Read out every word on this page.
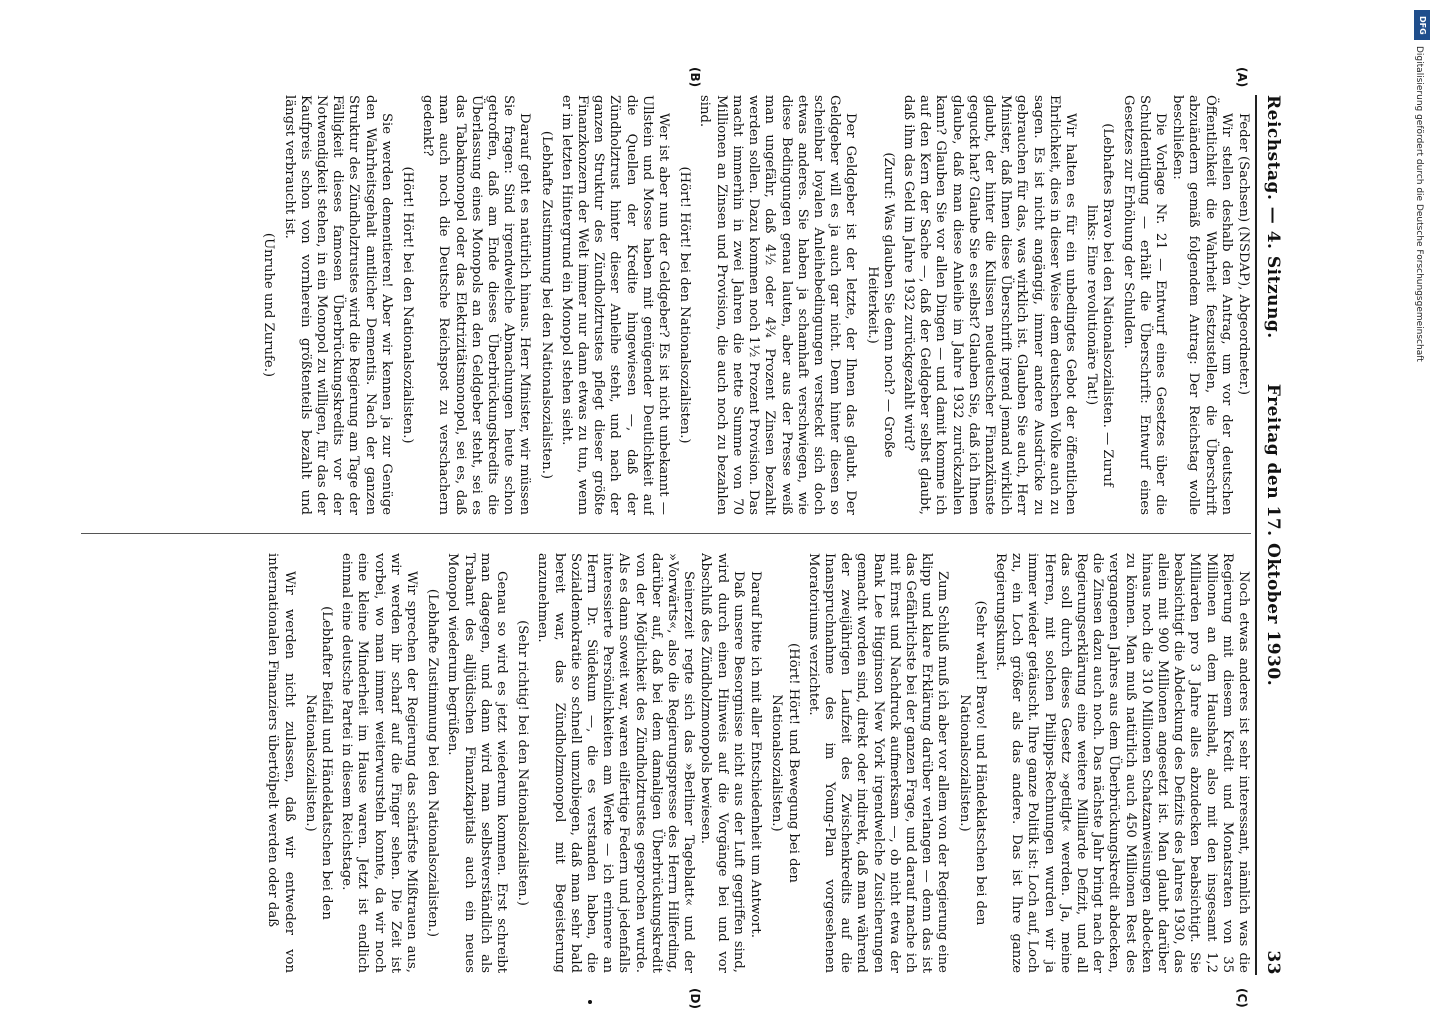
Reichstag. — 4. Sitzung.
Freitag den 17. Oktober 1930.
33
(A)
(B)
(C)
(D)

Feder (Sachsen) (NSDAP), Abgeordneter.)

Wir stellen deshalb den Antrag, um vor der deutschen Öffentlichkeit die Wahrheit festzustellen, die Überschrift abzuändern gemäß folgendem Antrag: Der Reichstag wolle beschließen:

Die Vorlage Nr. 21 — Entwurf eines Gesetzes über die Schuldentilgung — erhält die Überschrift: Entwurf eines Gesetzes zur Erhöhung der Schulden.

(Lebhaftes Bravo bei den Nationalsozialisten. — Zuruf links: Eine revolutionäre Tat!)

Wir halten es für ein unbedingtes Gebot der öffentlichen Ehrlichkeit, dies in dieser Weise dem deutschen Volke auch zu sagen. Es ist nicht angängig, immer andere Ausdrücke zu gebrauchen für das, was wirklich ist. Glauben Sie auch, Herr Minister, daß Ihnen diese Überschrift irgend jemand wirklich glaubt, der hinter die Kulissen neudeutscher Finanzkünste geguckt hat? Glaube Sie es selbst? Glauben Sie, daß ich Ihnen glaube, daß man diese Anleihe im Jahre 1932 zurückzahlen kann? Glauben Sie vor allen Dingen — und damit komme ich auf den Kern der Sache —, daß der Geldgeber selbst glaubt, daß ihm das Geld im Jahre 1932 zurückgezahlt wird?

(Zuruf: Was glauben Sie denn noch? — Große Heiterkeit.)

Der Geldgeber ist der letzte, der Ihnen das glaubt. Der Geldgeber will es ja auch gar nicht. Denn hinter diesen so scheinbar loyalen Anleihebedingungen versteckt sich doch etwas anderes. Sie haben ja schamhaft verschwiegen, wie diese Bedingungen genau lauten, aber aus der Presse weiß man ungefähr, daß 4½ oder 4¾ Prozent Zinsen bezahlt werden sollen. Dazu kommen noch 1½ Prozent Provision. Das macht immerhin in zwei Jahren die nette Summe von 70 Millionen an Zinsen und Provision, die auch noch zu bezahlen sind.

(Hört! Hört! bei den Nationalsozialisten.)

Wer ist aber nun der Geldgeber? Es ist nicht unbekannt — Ullstein und Mosse haben mit genügender Deutlichkeit auf die Quellen der Kredite hingewiesen —, daß der Zündholztrust hinter dieser Anleihe steht, und nach der ganzen Struktur des Zündholztrustes pflegt dieser größte Finanzkonzern der Welt immer nur dann etwas zu tun, wenn er im letzten Hintergrund ein Monopol stehen sieht.

(Lebhafte Zustimmung bei den Nationalsozialisten.)

Darauf geht es natürlich hinaus. Herr Minister, wir müssen Sie fragen: Sind irgendwelche Abmachungen heute schon getroffen, daß am Ende dieses Überbrückungskredits die Überlassung eines Monopols an den Geldgeber steht, sei es das Tabakmonopol oder das Elektrizitätsmonopol, sei es, daß man auch noch die Deutsche Reichspost zu verschachern gedenkt?

(Hört! Hört! bei den Nationalsozialisten.)

Sie werden dementieren! Aber wir kennen ja zur Genüge den Wahrheitsgehalt amtlicher Dementis. Nach der ganzen Struktur des Zündholztrustes wird die Regierung am Tage der Fälligkeit dieses famosen Überbrückungskredits vor der Notwendigkeit stehen, in ein Monopol zu willigen, für das der Kaufpreis schon von vornherein größtenteils bezahlt und längst verbraucht ist.

(Unruhe und Zurufe.)

Noch etwas anderes ist sehr interessant, nämlich was die Regierung mit diesem Kredit und Monatsraten von 35 Millionen an dem Haushalt, also mit den insgesamt 1,2 Milliarden pro 3 Jahre alles abzudecken beabsichtigt. Sie beabsichtigt die Abdeckung des Defizits des Jahres 1930, das allein mit 900 Millionen angesetzt ist. Man glaubt darüber hinaus noch die 310 Millionen Schatzanweisungen abdecken zu können. Man muß natürlich auch 450 Millionen Rest des vergangenen Jahres aus dem Überbrückungskredit abdecken, die Zinsen dazu auch noch. Das nächste Jahr bringt nach der Regierungserklärung eine weitere Milliarde Defizit, und all das soll durch dieses Gesetz »getilgt« werden. Ja, meine Herren, mit solchen Philipps-Rechnungen wurden wir ja immer wieder getäuscht. Ihre ganze Politik ist: Loch auf, Loch zu, ein Loch größer als das andere. Das ist Ihre ganze Regierungskunst.

(Sehr wahr! Bravo! und Händeklatschen bei den Nationalsozialisten.)

Zum Schluß muß ich aber vor allem von der Regierung eine klipp und klare Erklärung darüber verlangen — denn das ist das Gefährlichste bei der ganzen Frage, und darauf mache ich mit Ernst und Nachdruck aufmerksam —, ob nicht etwa der Bank Lee Higginson New York irgendwelche Zusicherungen gemacht worden sind, direkt oder indirekt, daß man während der zweijährigen Laufzeit des Zwischenkredits auf die Inanspruchnahme des im Young-Plan vorgesehenen Moratoriums verzichtet.

(Hört! Hört! und Bewegung bei den Nationalsozialisten.)

Darauf bitte ich mit aller Entschiedenheit um Antwort.

Daß unsere Besorgnisse nicht aus der Luft gegriffen sind, wird durch einen Hinweis auf die Vorgänge bei und vor Abschluß des Zündholzmonopols bewiesen.

Seinerzeit regte sich das »Berliner Tageblatt« und der »Vorwärts«, also die Regierungspresse des Herrn Hilferding, darüber auf, daß bei dem damaligen Überbrückungskredit von der Möglichkeit des Zündholztrustes gesprochen wurde. Als es dann soweit war, waren eilfertige Federn und jedenfalls interessierte Persönlichkeiten am Werke — ich erinnere an Herrn Dr. Südekum —, die es verstanden haben, die Sozialdemokratie so schnell umzubiegen, daß man sehr bald bereit war, das Zündholzmonopol mit Begeisterung anzunehmen.

(Sehr richtig! bei den Nationalsozialisten.)

Genau so wird es jetzt wiederum kommen. Erst schreibt man dagegen, und dann wird man selbstverständlich als Trabant des alljüdischen Finanzkapitals auch ein neues Monopol wiederum begrüßen.

(Lebhafte Zustimmung bei den Nationalsozialisten.)

Wir sprechen der Regierung das schärfste Mißtrauen aus, wir werden ihr scharf auf die Finger sehen. Die Zeit ist vorbei, wo man immer weiterwursteln konnte, da wir noch eine kleine Minderheit im Hause waren. Jetzt ist endlich einmal eine deutsche Partei in diesem Reichstage.

(Lebhafter Beifall und Händeklatschen bei den Nationalsozialisten.)

Wir werden nicht zulassen, daß wir entweder von internationalen Finanziers übertölpelt werden oder daß

DFG
Digitalisierung gefördert durch die Deutsche Forschungsgemeinschaft
